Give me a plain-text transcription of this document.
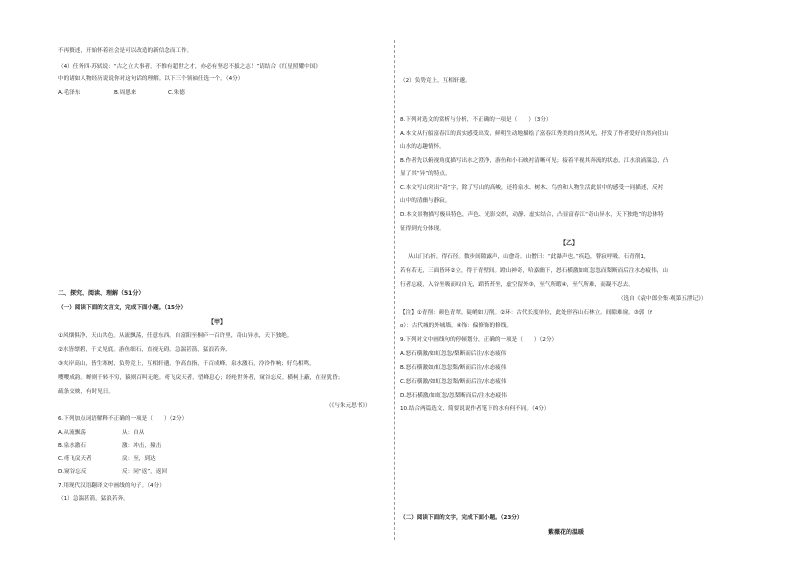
不再赘述，开始怀着社会是可以改造的新信念而工作。
（4）任务四·苏轼说：“古之立大事者，不惟有超世之才，亦必有坚忍不拔之志！”请结合《红星照耀中国》
中的诸如人物经历说说你对这句话的理解。以下三个领袖任选一个。（4分）
A.毛泽东	B.周恩来	C.朱德
二、探究、阅读、理解（51分）
（一）阅读下面的文言文，完成下面小题。（15分）
【甲】
①风烟俱净，天山共色。从流飘荡，任意东西。自富阳至桐庐一百许里，奇山异水，天下独绝。
②水皆缥碧，千丈见底。游鱼细石，直视无碍。急湍甚箭，猛浪若奔。
③夹岸高山，皆生寒树，负势竞上，互相轩邈，争高直指，千百成峰。泉水激石，泠泠作响；好鸟相鸣，
嘤嘤成韵。蝉则千转不穷，猿则百叫无绝。鸢飞戾天者，望峰息心；经纶世务者，窥谷忘反。横柯上蔽，在昼犹昏；
疏条交映，有时见日。
（《与朱元思书》）
6.下列加点词语解释不正确的一项是（　　）（2分）
A.从流飘荡	从：自从
B.泉水激石	激：冲击，撞击
C.鸢飞戾天者	戾：至，到达
D.窥谷忘反	反：同“返”，返回
7.用现代汉语翻译文中画线的句子。（4分）
（1）急湍甚箭，猛浪若奔。
（2）负势竞上，互相轩邈。
8.下列对选文的赏析与分析，不正确的一项是（　　）（3分）
A.本文从行船富春江的真实感受出发，鲜明生动地描绘了富春江秀美的自然风光，抒发了作者爱好自然向往山
山水的志趣情怀。
B.作者先以俯视角度描写出水之澄净，游鱼和小石映衬清晰可见；接着平视其奔流的状态，江水浪涌湍急，凸
显了其“异”的特点。
C.本文写山突出“奇”字，除了写山的高峻，还将泉水、树木、鸟兽和人物生活此景中的感受一同描述，反衬
山中的清幽与静寂。
D.本文景物描写极具特色，声色、光影交织，动静、虚实结合，凸显富春江“奇山异水，天下独绝”的总体特
征得到充分体现。
【乙】
从山门右折，得石径。数步间隙露声，山愈奇。山僧曰：“此瀑声也。”疾趋，瞢寂呼吸。石青削1，
若有若无，三面皆环②立，得于青壁间。蹬山神奇，哈嘉幽下，怒石横激如虹忽忽而梨断而后注水态疲伟，山
行者忘疲，入谷坐吸而叹自无，蹈苔苔坐，虚空留外③，至气所暇④，至气所难，而凝不忍去。
（选自《袁中郎全集·观第五泄记》）
【注】①青削：颜色青翠，陡峭如刀削。②环：古代长度单位，此处形容山石林立。间隙难窥。③郭（f
o）：古代城的外城墙。④饰：偏修饰的修线。
9.下列对文中画线句的停顿划分，正确的一项是（　　）（2分）
A.怒石横激/如虹忽忽/梨断而后注/水态疲伟
B.怒石横激如/虹忽忽梨/断而后注/水态疲伟
C.怒石横激/如虹忽忽梨/断而后注/水态疲伟
D.怒石横激/如虹忽/忽梨断而后/注水态疲伟
10.结合两篇选文，简要说说作者笔下的水有何不同。（4分）
（二）阅读下面的文字，完成下面小题。（23分）
紫薇花的温暖
